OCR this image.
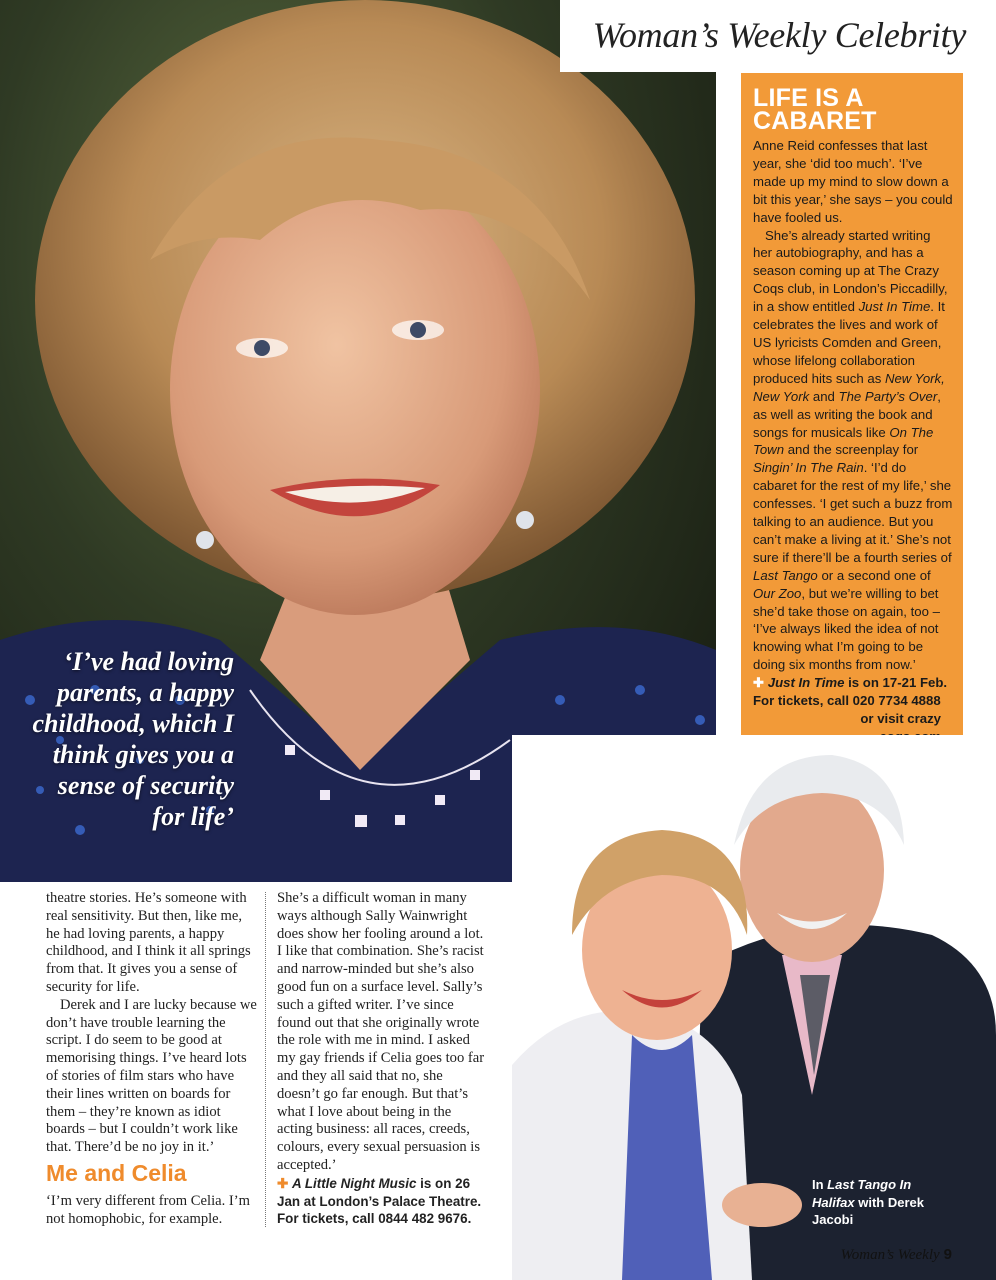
‘I’ve had loving parents, a happy childhood, which I think gives you a sense of security for life’
Woman’s Weekly Celebrity
LIFE IS A CABARET

Anne Reid confesses that last year, she ‘did too much’. ‘I’ve made up my mind to slow down a bit this year,’ she says – you could have fooled us.

She’s already started writing her autobiography, and has a season coming up at The Crazy Coqs club, in London’s Piccadilly, in a show entitled Just In Time. It celebrates the lives and work of US lyricists Comden and Green, whose lifelong collaboration produced hits such as New York, New York and The Party’s Over, as well as writing the book and songs for musicals like On The Town and the screenplay for Singin’ In The Rain. ‘I’d do cabaret for the rest of my life,’ she confesses. ‘I get such a buzz from talking to an audience. But you can’t make a living at it.’ She’s not sure if there’ll be a fourth series of Last Tango or a second one of Our Zoo, but we’re willing to bet she’d take those on again, too – ‘I’ve always liked the idea of not knowing what I’m going to be doing six months from now.’

✚ Just In Time is on 17-21 Feb. For tickets, call 020 7734 4888
or visit crazy
In Last Tango In Halifax with Derek Jacobi

theatre stories. He’s someone with real sensitivity. But then, like me, he had loving parents, a happy childhood, and I think it all springs from that. It gives you a sense of security for life.

Derek and I are lucky because we don’t have trouble learning the script. I do seem to be good at memorising things. I’ve heard lots of stories of film stars who have their lines written on boards for them – they’re known as idiot boards – but I couldn’t work like that. There’d be no joy in it.’

Me and Celia

‘I’m very different from Celia. I’m not homophobic, for example.

She’s a difficult woman in many ways although Sally Wainwright does show her fooling around a lot. I like that combination. She’s racist and narrow-minded but she’s also good fun on a surface level. Sally’s such a gifted writer. I’ve since found out that she originally wrote the role with me in mind. I asked my gay friends if Celia goes too far and they all said that no, she doesn’t go far enough. But that’s what I love about being in the acting business: all races, creeds, colours, every sexual persuasion is accepted.’

✚ A Little Night Music is on 26 Jan at London’s Palace Theatre. For tickets, call 0844 482 9676.

Woman’s Weekly 9
